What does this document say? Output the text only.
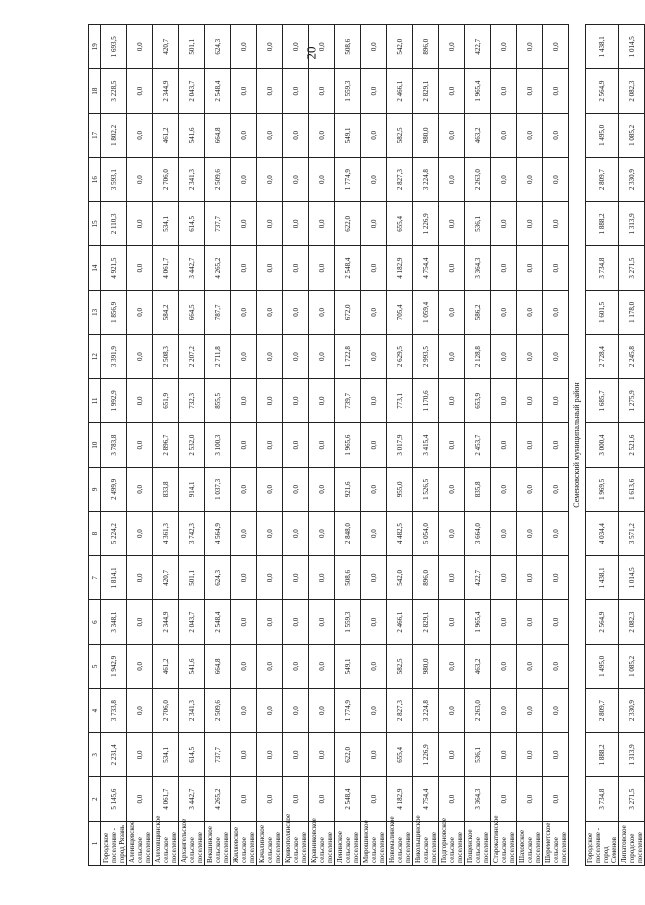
20
1	2	3	4	5	6	7	8	9	10	11	12	13	14	15	16	17	18	19
Городское поселение - город Рязань	5 145,6	2 231,4	3 733,8	1 942,9	3 348,1	1 814,1	5 224,2	2 499,9	3 783,8	1 992,9	3 391,9	1 856,9	4 921,5	2 110,3	3 593,1	1 802,2	3 228,5	1 693,5
Алеинцевское сельское поселение	0,0	0,0	0,0	0,0	0,0	0,0	0,0	0,0	0,0	0,0	0,0	0,0	0,0	0,0	0,0	0,0	0,0	0,0
Алеховщинское сельское поселение	4 061,7	534,1	2 706,0	461,2	2 344,9	420,7	4 361,3	833,8	2 896,7	651,9	2 508,3	584,2	4 061,7	534,1	2 706,0	461,2	2 344,9	420,7
Архангельское сельское поселение	3 442,7	614,5	2 341,3	541,6	2 043,7	501,1	3 742,3	914,1	2 532,0	732,3	2 207,2	664,5	3 442,7	614,5	2 341,3	541,6	2 043,7	501,1
Векшинское сельское поселение	4 265,2	737,7	2 509,6	664,8	2 548,4	624,3	4 564,9	1 037,3	3 100,3	855,5	2 711,8	787,7	4 265,2	737,7	2 509,6	664,8	2 548,4	624,3
Жиляевское сельское поселение	0,0	0,0	0,0	0,0	0,0	0,0	0,0	0,0	0,0	0,0	0,0	0,0	0,0	0,0	0,0	0,0	0,0	0,0
Качалинское сельское поселение	0,0	0,0	0,0	0,0	0,0	0,0	0,0	0,0	0,0	0,0	0,0	0,0	0,0	0,0	0,0	0,0	0,0	0,0
Кривополянское сельское поселение	0,0	0,0	0,0	0,0	0,0	0,0	0,0	0,0	0,0	0,0	0,0	0,0	0,0	0,0	0,0	0,0	0,0	0,0
Кравниковское сельское поселение	0,0	0,0	0,0	0,0	0,0	0,0	0,0	0,0	0,0	0,0	0,0	0,0	0,0	0,0	0,0	0,0	0,0	0,0
Ленинское сельское поселение	2 548,4	622,0	1 774,9	549,1	1 559,3	508,6	2 848,0	921,6	1 965,6	739,7	1 722,8	672,0	2 548,4	622,0	1 774,9	549,1	1 559,3	508,6
Мирошинское сельское поселение	0,0	0,0	0,0	0,0	0,0	0,0	0,0	0,0	0,0	0,0	0,0	0,0	0,0	0,0	0,0	0,0	0,0	0,0
Новомалинское сельское поселение	4 182,9	655,4	2 827,3	582,5	2 466,1	542,0	4 482,5	955,0	3 017,9	773,1	2 629,5	705,4	4 182,9	655,4	2 827,3	582,5	2 466,1	542,0
Никольщинское сельское поселение	4 754,4	1 226,9	3 224,8	980,0	2 829,1	896,0	5 054,0	1 526,5	3 415,4	1 170,6	2 993,5	1 059,4	4 754,4	1 226,9	3 224,8	980,0	2 829,1	896,0
Подгорновское сельское поселение	0,0	0,0	0,0	0,0	0,0	0,0	0,0	0,0	0,0	0,0	0,0	0,0	0,0	0,0	0,0	0,0	0,0	0,0
Пощенское сельское поселение	3 364,3	536,1	2 263,0	463,2	1 965,4	422,7	3 664,0	835,8	2 453,7	653,9	2 128,8	586,2	3 364,3	536,1	2 263,0	463,2	1 965,4	422,7
Старокатинское сельское поселение	0,0	0,0	0,0	0,0	0,0	0,0	0,0	0,0	0,0	0,0	0,0	0,0	0,0	0,0	0,0	0,0	0,0	0,0
Шаховское сельское поселение	0,0	0,0	0,0	0,0	0,0	0,0	0,0	0,0	0,0	0,0	0,0	0,0	0,0	0,0	0,0	0,0	0,0	0,0
Шереметское сельское поселение	0,0	0,0	0,0	0,0	0,0	0,0	0,0	0,0	0,0	0,0	0,0	0,0	0,0	0,0	0,0	0,0	0,0	0,0
Семеновский муниципальный район																		
Городское поселение - город Семенов	3 734,8	1 888,2	2 809,7	1 495,0	2 564,9	1 438,1	4 034,4	1 969,5	3 000,4	1 685,7	2 728,4	1 601,5	3 734,8	1 888,2	2 809,7	1 495,0	2 564,9	1 438,1
Липатовское городское поселение	3 271,5	1 313,9	2 330,9	1 085,2	2 082,3	1 014,5	3 571,2	1 613,6	2 521,6	1 275,9	2 245,8	1 178,0	3 271,5	1 313,9	2 330,9	1 085,2	2 082,3	1 014,5
